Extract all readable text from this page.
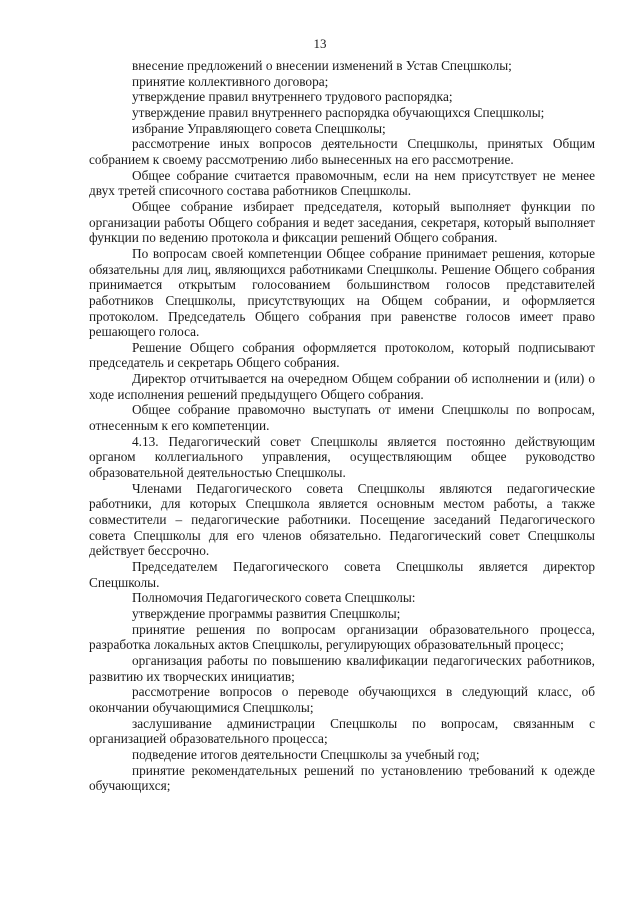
13

внесение предложений о внесении изменений в Устав Спецшколы;

принятие коллективного договора;

утверждение правил внутреннего трудового распорядка;

утверждение правил внутреннего распорядка обучающихся Спецшколы;

избрание Управляющего совета Спецшколы;

рассмотрение иных вопросов деятельности Спецшколы, принятых Общим собранием к своему рассмотрению либо вынесенных на его рассмотрение.

Общее собрание считается правомочным, если на нем присутствует не менее двух третей списочного состава работников Спецшколы.

Общее собрание избирает председателя, который выполняет функции по организации работы Общего собрания и ведет заседания, секретаря, который выполняет функции по ведению протокола и фиксации решений Общего собрания.

По вопросам своей компетенции Общее собрание принимает решения, которые обязательны для лиц, являющихся работниками Спецшколы. Решение Общего собрания принимается открытым голосованием большинством голосов представителей работников Спецшколы, присутствующих на Общем собрании, и оформляется протоколом. Председатель Общего собрания при равенстве голосов имеет право решающего голоса.

Решение Общего собрания оформляется протоколом, который подписывают председатель и секретарь Общего собрания.

Директор отчитывается на очередном Общем собрании об исполнении и (или) о ходе исполнения решений предыдущего Общего собрания.

Общее собрание правомочно выступать от имени Спецшколы по вопросам, отнесенным к его компетенции.

4.13. Педагогический совет Спецшколы является постоянно действующим органом коллегиального управления, осуществляющим общее руководство образовательной деятельностью Спецшколы.

Членами Педагогического совета Спецшколы являются педагогические работники, для которых Спецшкола является основным местом работы, а также совместители – педагогические работники. Посещение заседаний Педагогического совета Спецшколы для его членов обязательно. Педагогический совет Спецшколы действует бессрочно.

Председателем Педагогического совета Спецшколы является директор Спецшколы.

Полномочия Педагогического совета Спецшколы:

утверждение программы развития Спецшколы;

принятие решения по вопросам организации образовательного процесса, разработка локальных актов Спецшколы, регулирующих образовательный процесс;

организация работы по повышению квалификации педагогических работников, развитию их творческих инициатив;

рассмотрение вопросов о переводе обучающихся в следующий класс, об окончании обучающимися Спецшколы;

заслушивание администрации Спецшколы по вопросам, связанным с организацией образовательного процесса;

подведение итогов деятельности Спецшколы за учебный год;

принятие рекомендательных решений по установлению требований к одежде обучающихся;
